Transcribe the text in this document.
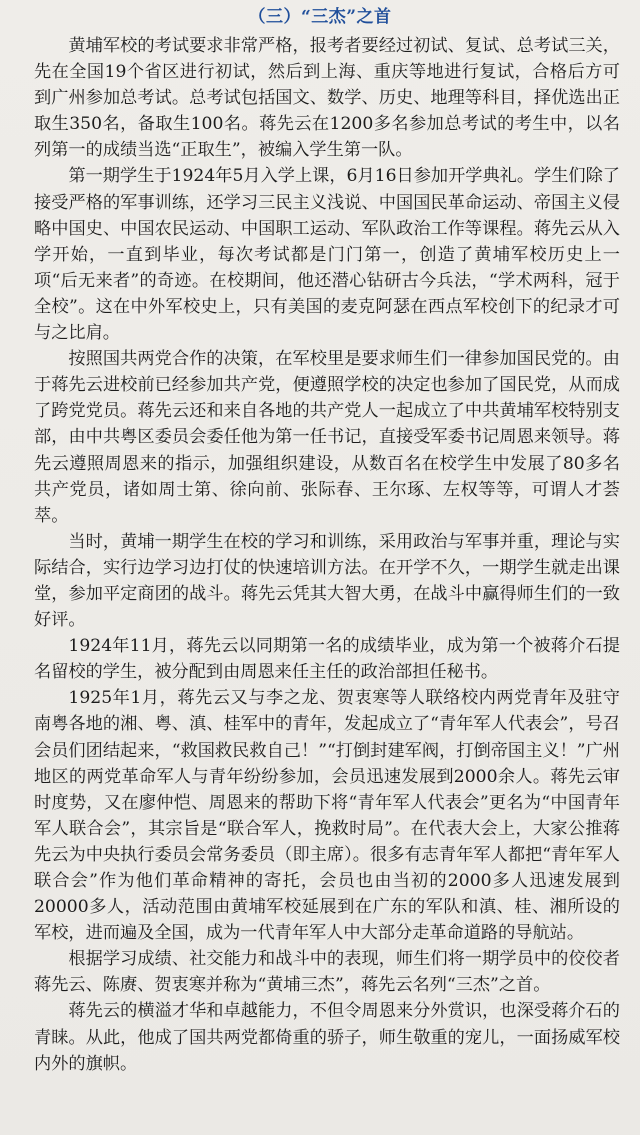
（三）“三杰”之首

黄埔军校的考试要求非常严格，报考者要经过初试、复试、总考试三关，先在全国19个省区进行初试，然后到上海、重庆等地进行复试，合格后方可到广州参加总考试。总考试包括国文、数学、历史、地理等科目，择优选出正取生350名，备取生100名。蒋先云在1200多名参加总考试的考生中，以名列第一的成绩当选“正取生”，被编入学生第一队。

第一期学生于1924年5月入学上课，6月16日参加开学典礼。学生们除了接受严格的军事训练，还学习三民主义浅说、中国国民革命运动、帝国主义侵略中国史、中国农民运动、中国职工运动、军队政治工作等课程。蒋先云从入学开始，一直到毕业，每次考试都是门门第一，创造了黄埔军校历史上一项“后无来者”的奇迹。在校期间，他还潜心钻研古今兵法，“学术两科，冠于全校”。这在中外军校史上，只有美国的麦克阿瑟在西点军校创下的纪录才可与之比肩。

按照国共两党合作的决策，在军校里是要求师生们一律参加国民党的。由于蒋先云进校前已经参加共产党，便遵照学校的决定也参加了国民党，从而成了跨党党员。蒋先云还和来自各地的共产党人一起成立了中共黄埔军校特别支部，由中共粤区委员会委任他为第一任书记，直接受军委书记周恩来领导。蒋先云遵照周恩来的指示，加强组织建设，从数百名在校学生中发展了80多名共产党员，诸如周士第、徐向前、张际春、王尔琢、左权等等，可谓人才荟萃。

当时，黄埔一期学生在校的学习和训练，采用政治与军事并重，理论与实际结合，实行边学习边打仗的快速培训方法。在开学不久，一期学生就走出课堂，参加平定商团的战斗。蒋先云凭其大智大勇，在战斗中赢得师生们的一致好评。

1924年11月，蒋先云以同期第一名的成绩毕业，成为第一个被蒋介石提名留校的学生，被分配到由周恩来任主任的政治部担任秘书。

1925年1月，蒋先云又与李之龙、贺衷寒等人联络校内两党青年及驻守南粤各地的湘、粤、滇、桂军中的青年，发起成立了“青年军人代表会”，号召会员们团结起来，“救国救民救自己！”“打倒封建军阀，打倒帝国主义！”广州地区的两党革命军人与青年纷纷参加，会员迅速发展到2000余人。蒋先云审时度势，又在廖仲恺、周恩来的帮助下将“青年军人代表会”更名为“中国青年军人联合会”，其宗旨是“联合军人，挽救时局”。在代表大会上，大家公推蒋先云为中央执行委员会常务委员（即主席）。很多有志青年军人都把“青年军人联合会”作为他们革命精神的寄托，会员也由当初的2000多人迅速发展到20000多人，活动范围由黄埔军校延展到在广东的军队和滇、桂、湘所设的军校，进而遍及全国，成为一代青年军人中大部分走革命道路的导航站。

根据学习成绩、社交能力和战斗中的表现，师生们将一期学员中的佼佼者蒋先云、陈赓、贺衷寒并称为“黄埔三杰”，蒋先云名列“三杰”之首。

蒋先云的横溢才华和卓越能力，不但令周恩来分外赏识，也深受蒋介石的青睐。从此，他成了国共两党都倚重的骄子，师生敬重的宠儿，一面扬威军校内外的旗帜。
